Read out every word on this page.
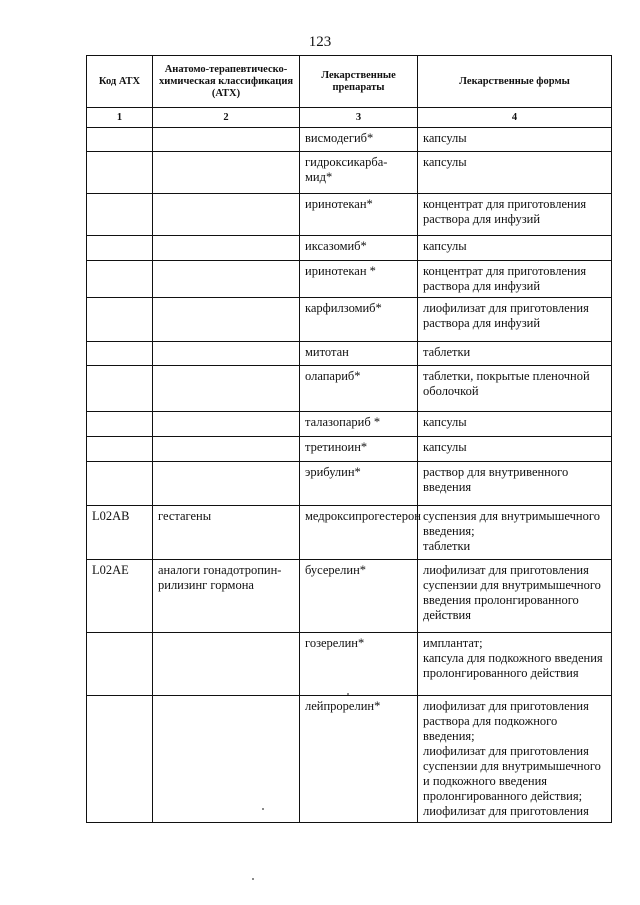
123
Код АТХ	Анатомо-терапевтическо-химическая классификация (АТХ)	Лекарственные препараты	Лекарственные формы
1	2	3	4
		висмодегиб*	капсулы
		гидроксикарба-мид*	капсулы
		иринотекан*	концентрат для приготовления раствора для инфузий
		иксазомиб*	капсулы
		иринотекан *	концентрат для приготовления раствора для инфузий
		карфилзомиб*	лиофилизат для приготовления раствора для инфузий
		митотан	таблетки
		олапариб*	таблетки, покрытые пленочной оболочкой
		талазопариб *	капсулы
		третиноин*	капсулы
		эрибулин*	раствор для внутривенного введения
L02AB	гестагены	медроксипрогестерон	суспензия для внутримышечного введения;
таблетки
L02AE	аналоги гонадотропин-рилизинг гормона	бусерелин*	лиофилизат для приготовления суспензии для внутримышечного введения пролонгированного действия
		гозерелин*	имплантат;
капсула для подкожного введения пролонгированного действия
		лейпрорелин*	лиофилизат для приготовления раствора для подкожного введения;
лиофилизат для приготовления суспензии для внутримышечного и подкожного введения пролонгированного действия;
лиофилизат для приготовления
